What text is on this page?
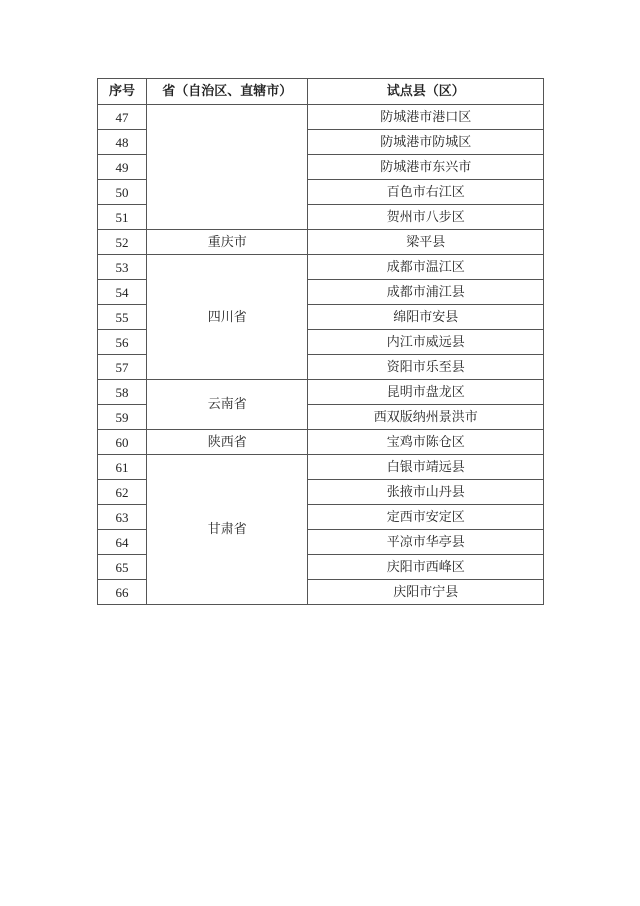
序号	省（自治区、直辖市）	试点县（区）
47		防城港市港口区
48		防城港市防城区
49		防城港市东兴市
50		百色市右江区
51		贺州市八步区
52	重庆市	梁平县
53	四川省	成都市温江区
54		成都市浦江县
55		绵阳市安县
56		内江市威远县
57		资阳市乐至县
58	云南省	昆明市盘龙区
59		西双版纳州景洪市
60	陕西省	宝鸡市陈仓区
61	甘肃省	白银市靖远县
62		张掖市山丹县
63		定西市安定区
64		平凉市华亭县
65		庆阳市西峰区
66		庆阳市宁县
